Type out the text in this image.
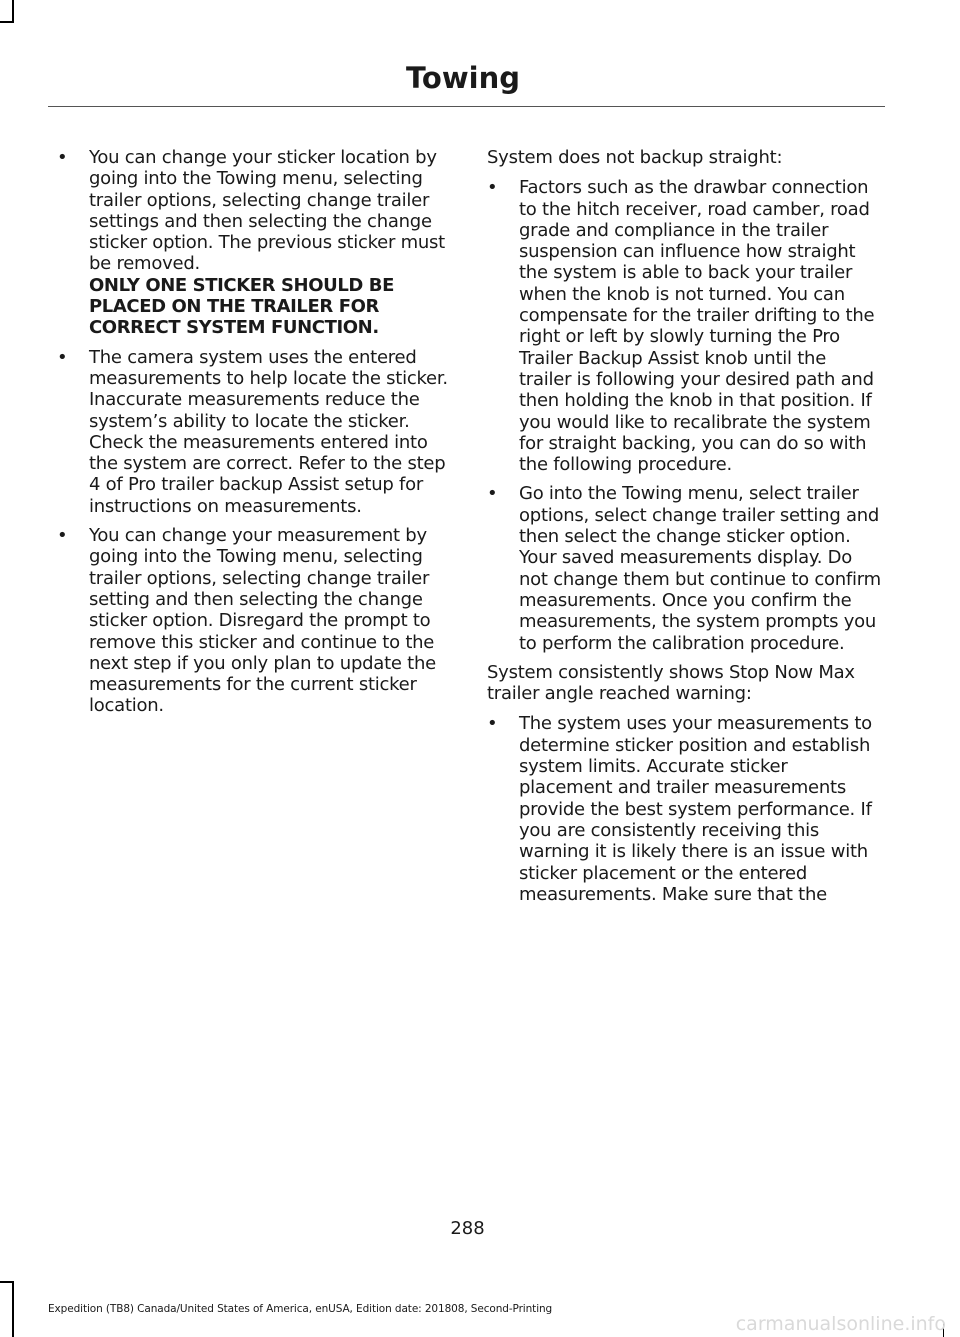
Towing
•	You can change your sticker location by going into the Towing menu, selecting trailer options, selecting change trailer settings and then selecting the change sticker option. The previous sticker must be removed.
ONLY ONE STICKER SHOULD BE PLACED ON THE TRAILER FOR CORRECT SYSTEM FUNCTION.
•	The camera system uses the entered measurements to help locate the sticker. Inaccurate measurements reduce the system’s ability to locate the sticker. Check the measurements entered into the system are correct. Refer to the step 4 of Pro trailer backup Assist setup for instructions on measurements.
•	You can change your measurement by going into the Towing menu, selecting trailer options, selecting change trailer setting and then selecting the change sticker option. Disregard the prompt to remove this sticker and continue to the next step if you only plan to update the measurements for the current sticker location.

System does not backup straight:

•	Factors such as the drawbar connection to the hitch receiver, road camber, road grade and compliance in the trailer suspension can influence how straight the system is able to back your trailer when the knob is not turned. You can compensate for the trailer drifting to the right or left by slowly turning the Pro Trailer Backup Assist knob until the trailer is following your desired path and then holding the knob in that position. If you would like to recalibrate the system for straight backing, you can do so with the following procedure.
•	Go into the Towing menu, select trailer options, select change trailer setting and then select the change sticker option. Your saved measurements display. Do not change them but continue to confirm measurements. Once you confirm the measurements, the system prompts you to perform the calibration procedure.

System consistently shows Stop Now Max trailer angle reached warning:

•	The system uses your measurements to determine sticker position and establish system limits. Accurate sticker placement and trailer measurements provide the best system performance. If you are consistently receiving this warning it is likely there is an issue with sticker placement or the entered measurements. Make sure that the
288
Expedition (TB8) Canada/United States of America, enUSA, Edition date: 201808, Second-Printing
carmanualsonline.info
